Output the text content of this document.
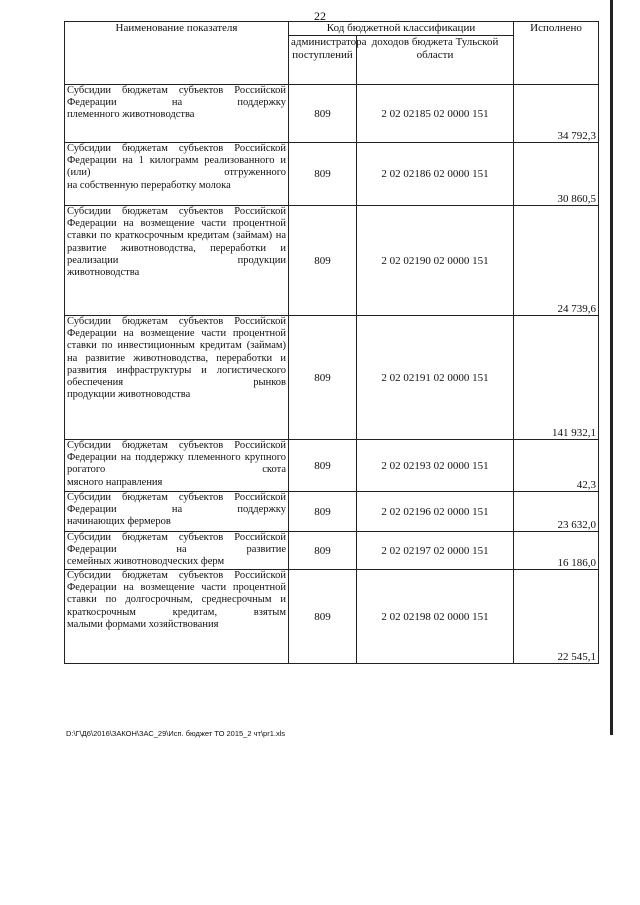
22
Наименование показателя	Код бюджетной классификации		Исполнено
	администратора поступлений	доходов бюджета Тульской области	
Субсидии бюджетам субъектов Российской Федерации на поддержку
племенного животноводства	809	2 02 02185 02 0000 151	34 792,3
Субсидии бюджетам субъектов Российской Федерации на 1 килограмм реализованного и (или) отгруженного
на собственную переработку молока	809	2 02 02186 02 0000 151	30 860,5
Субсидии бюджетам субъектов Российской Федерации на возмещение части процентной ставки по краткосрочным кредитам (займам) на развитие животноводства, переработки и реализации продукции
животноводства	809	2 02 02190 02 0000 151	24 739,6
Субсидии бюджетам субъектов Российской Федерации на возмещение части процентной ставки по инвестиционным кредитам (займам) на развитие животноводства, переработки и развития инфраструктуры и логистического обеспечения рынков
продукции животноводства	809	2 02 02191 02 0000 151	141 932,1
Субсидии бюджетам субъектов Российской Федерации на поддержку племенного крупного рогатого скота
мясного направления	809	2 02 02193 02 0000 151	42,3
Субсидии бюджетам субъектов Российской Федерации на поддержку
начинающих фермеров	809	2 02 02196 02 0000 151	23 632,0
Субсидии бюджетам субъектов Российской Федерации на развитие
семейных животноводческих ферм	809	2 02 02197 02 0000 151	16 186,0
Субсидии бюджетам субъектов Российской Федерации на возмещение части процентной ставки по долгосрочным, среднесрочным и краткосрочным кредитам, взятым
малыми формами хозяйствования	809	2 02 02198 02 0000 151	22 545,1
D:\Г\Д6\2016\ЗАКОН\ЗАС_29\Исп. бюджет ТО 2015_2 чт\pr1.xls
